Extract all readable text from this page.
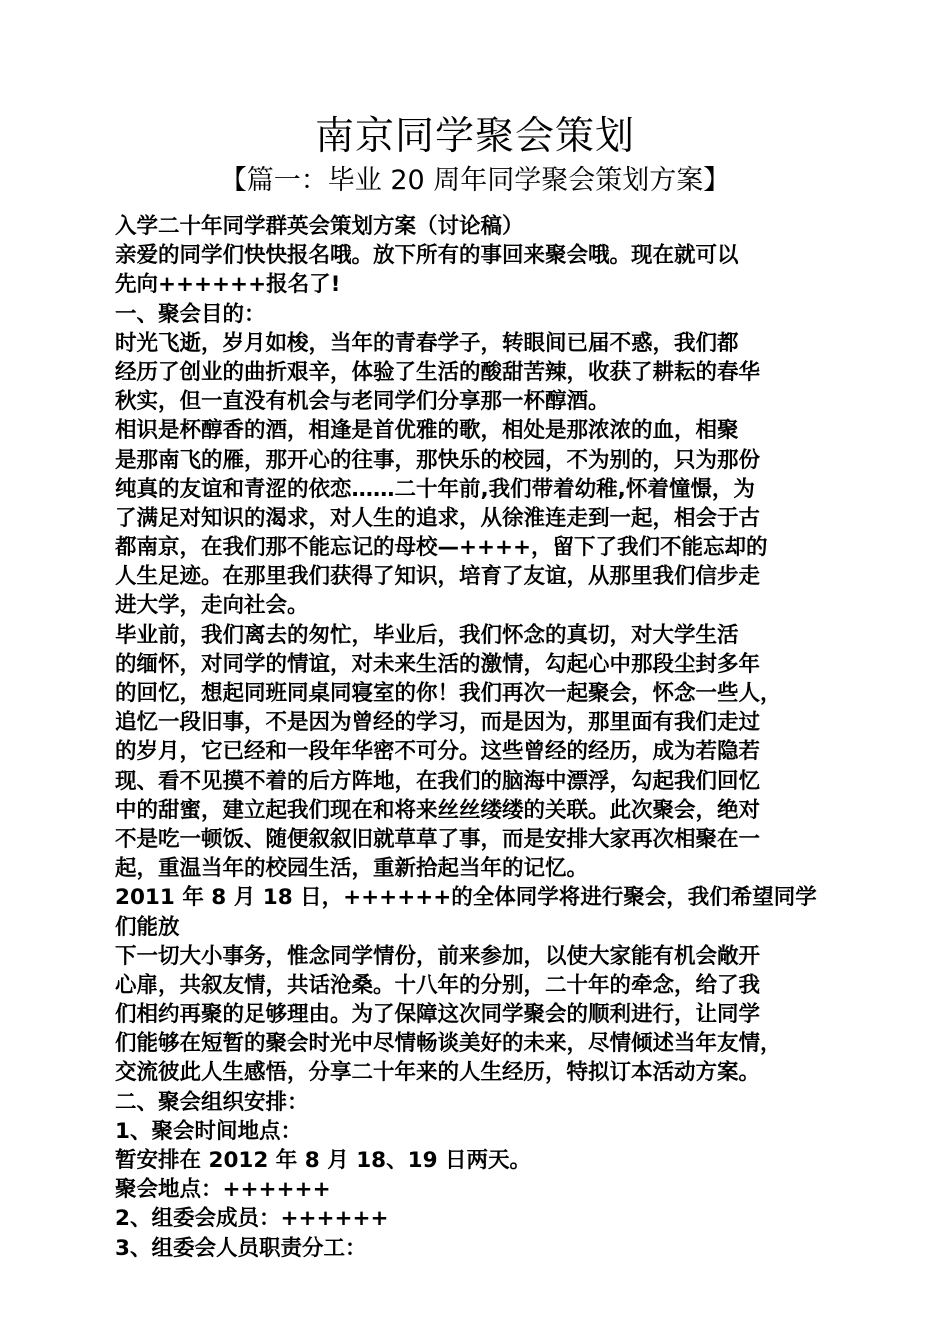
南京同学聚会策划
【篇一：毕业 20 周年同学聚会策划方案】
入学二十年同学群英会策划方案（讨论稿）
亲爱的同学们快快报名哦。放下所有的事回来聚会哦。现在就可以
先向++++++报名了!
一、聚会目的：
时光飞逝，岁月如梭，当年的青春学子，转眼间已届不惑，我们都
经历了创业的曲折艰辛，体验了生活的酸甜苦辣，收获了耕耘的春华
秋实，但一直没有机会与老同学们分享那一杯醇酒。
相识是杯醇香的酒，相逢是首优雅的歌，相处是那浓浓的血，相聚
是那南飞的雁，那开心的往事，那快乐的校园，不为别的，只为那份
纯真的友谊和青涩的依恋……二十年前,我们带着幼稚,怀着憧憬，为
了满足对知识的渴求，对人生的追求，从徐淮连走到一起，相会于古
都南京，在我们那不能忘记的母校—++++，留下了我们不能忘却的
人生足迹。在那里我们获得了知识，培育了友谊，从那里我们信步走
进大学，走向社会。
毕业前，我们离去的匆忙，毕业后，我们怀念的真切，对大学生活
的缅怀，对同学的情谊，对未来生活的激情，勾起心中那段尘封多年
的回忆，想起同班同桌同寝室的你！我们再次一起聚会，怀念一些人，
追忆一段旧事，不是因为曾经的学习，而是因为，那里面有我们走过
的岁月，它已经和一段年华密不可分。这些曾经的经历，成为若隐若
现、看不见摸不着的后方阵地，在我们的脑海中漂浮，勾起我们回忆
中的甜蜜，建立起我们现在和将来丝丝缕缕的关联。此次聚会，绝对
不是吃一顿饭、随便叙叙旧就草草了事，而是安排大家再次相聚在一
起，重温当年的校园生活，重新拾起当年的记忆。
2011 年 8 月 18 日，++++++的全体同学将进行聚会，我们希望同学
们能放
下一切大小事务，惟念同学情份，前来参加，以使大家能有机会敞开
心扉，共叙友情，共话沧桑。十八年的分别，二十年的牵念，给了我
们相约再聚的足够理由。为了保障这次同学聚会的顺利进行，让同学
们能够在短暂的聚会时光中尽情畅谈美好的未来，尽情倾述当年友情，
交流彼此人生感悟，分享二十年来的人生经历，特拟订本活动方案。
二、聚会组织安排：
1、聚会时间地点：
暂安排在 2012 年 8 月 18、19 日两天。
聚会地点：++++++
2、组委会成员：++++++
3、组委会人员职责分工：
